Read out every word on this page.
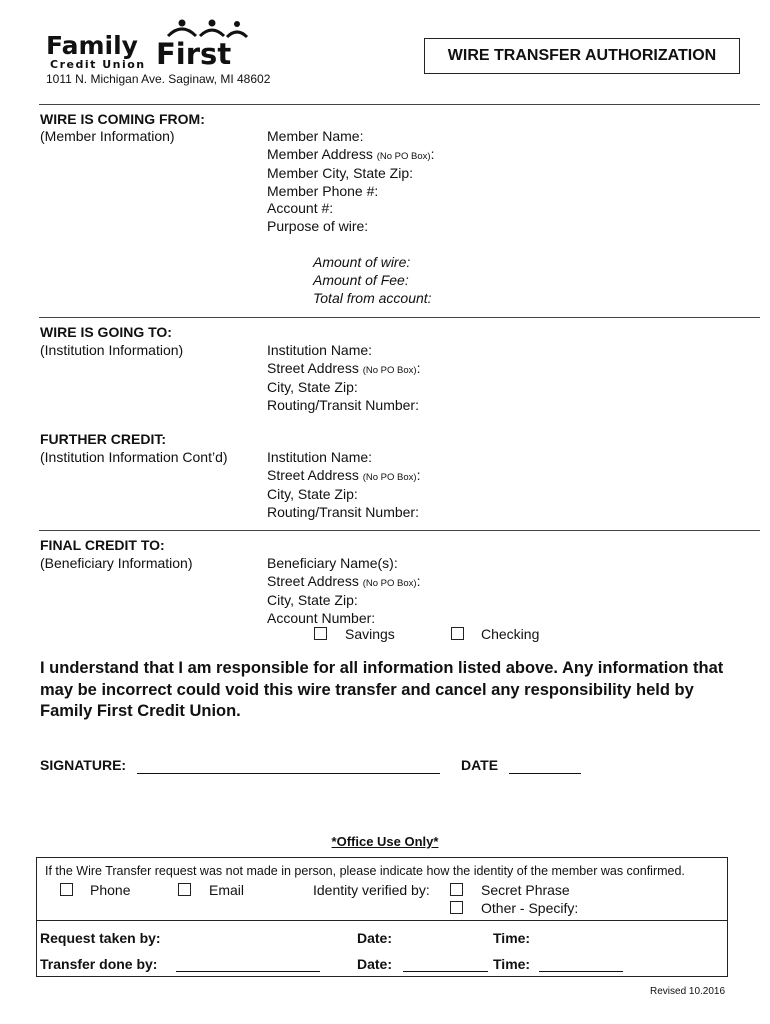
Family First
Credit Union
1011 N. Michigan Ave. Saginaw, MI 48602
WIRE TRANSFER AUTHORIZATION
WIRE IS COMING FROM:
(Member Information)	Member Name:
Member Address (No PO Box):
Member City, State Zip:
Member Phone #:
Account #:
Purpose of wire:
Amount of wire:
Amount of Fee:
Total from account:
WIRE IS GOING TO:
(Institution Information)	Institution Name:
Street Address (No PO Box):
City, State Zip:
Routing/Transit Number:
FURTHER CREDIT:
(Institution Information Cont’d)	Institution Name:
Street Address (No PO Box):
City, State Zip:
Routing/Transit Number:
FINAL CREDIT TO:
(Beneficiary Information)	Beneficiary Name(s):
Street Address (No PO Box):
City, State Zip:
Account Number:
Savings	Checking
I understand that I am responsible for all information listed above. Any information that may be incorrect could void this wire transfer and cancel any responsibility held by Family First Credit Union.
SIGNATURE:	DATE
*Office Use Only*
If the Wire Transfer request was not made in person, please indicate how the identity of the member was confirmed.
Phone	Email	Identity verified by:	Secret Phrase
Other - Specify:
Request taken by:	Date:	Time:
Transfer done by:	Date:	Time:
Revised 10.2016
